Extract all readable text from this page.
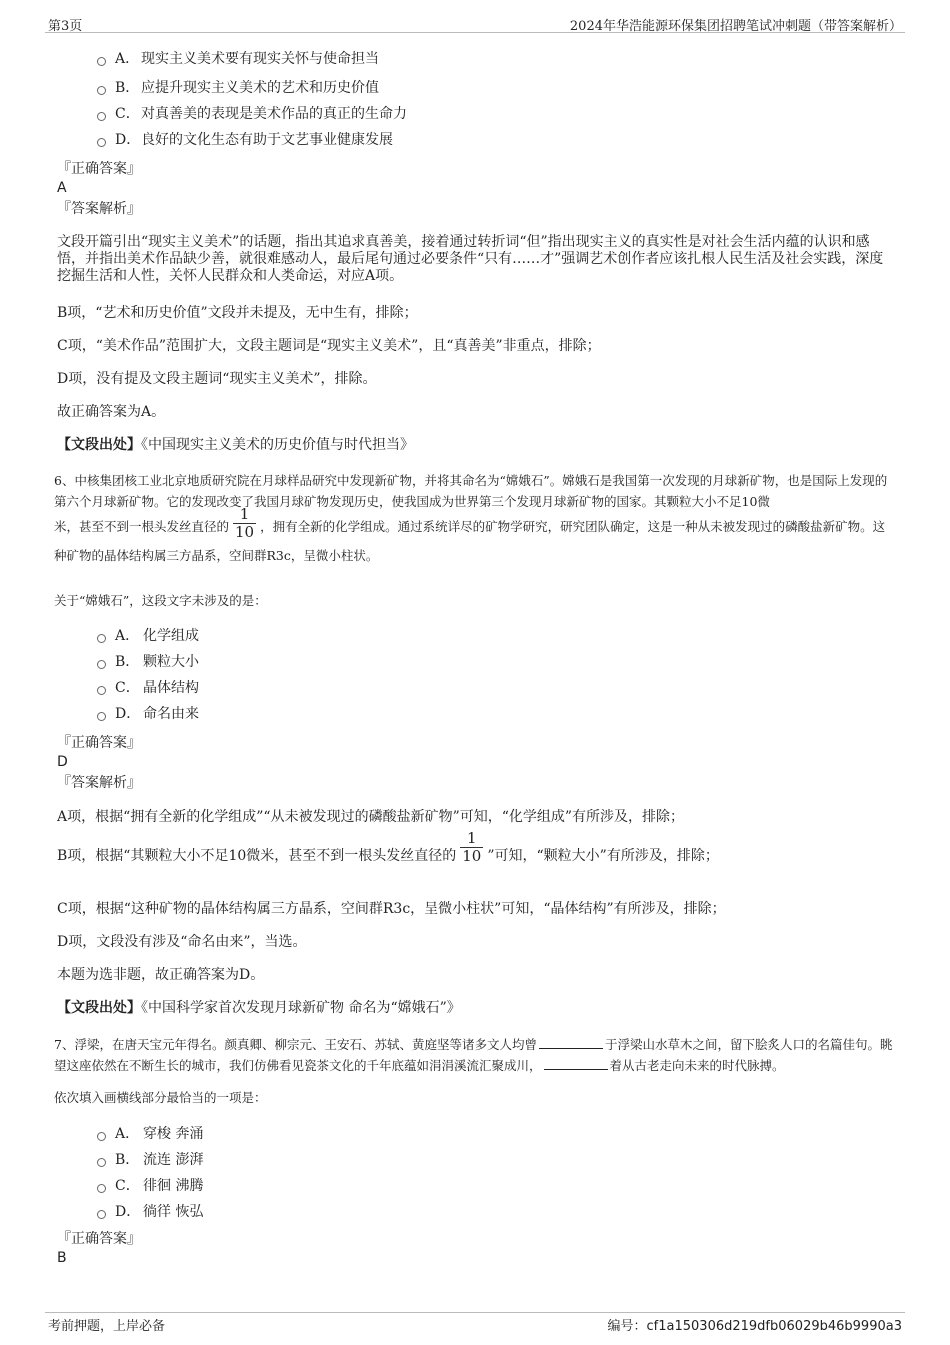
第3页	2024年华浩能源环保集团招聘笔试冲刺题（带答案解析）
A． 现实主义美术要有现实关怀与使命担当
B． 应提升现实主义美术的艺术和历史价值
C． 对真善美的表现是美术作品的真正的生命力
D． 良好的文化生态有助于文艺事业健康发展
『正确答案』
A
『答案解析』

文段开篇引出“现实主义美术”的话题，指出其追求真善美，接着通过转折词“但”指出现实主义的真实性是对社会生活内蕴的认识和感悟，并指出美术作品缺少善，就很难感动人，最后尾句通过必要条件“只有……才”强调艺术创作者应该扎根人民生活及社会实践，深度挖掘生活和人性，关怀人民群众和人类命运，对应A项。

B项，“艺术和历史价值”文段并未提及，无中生有，排除；

C项，“美术作品”范围扩大，文段主题词是“现实主义美术”，且“真善美”非重点，排除；

D项，没有提及文段主题词“现实主义美术”，排除。

故正确答案为A。

【文段出处】《中国现实主义美术的历史价值与时代担当》

6、中核集团核工业北京地质研究院在月球样品研究中发现新矿物，并将其命名为“嫦娥石”。嫦娥石是我国第一次发现的月球新矿物，也是国际上发现的第六个月球新矿物。它的发现改变了我国月球矿物发现历史，使我国成为世界第三个发现月球新矿物的国家。其颗粒大小不足10微

米，甚至不到一根头发丝直径的 $\frac{1}{10}$ ，拥有全新的化学组成。通过系统详尽的矿物学研究，研究团队确定，这是一种从未被发现过的磷酸盐新矿物。这种矿物的晶体结构属三方晶系，空间群R3c，呈微小柱状。

关于“嫦娥石”，这段文字未涉及的是：

A． 化学组成
B． 颗粒大小
C． 晶体结构
D． 命名由来
『正确答案』
D
『答案解析』

A项，根据“拥有全新的化学组成”“从未被发现过的磷酸盐新矿物”可知，“化学组成”有所涉及，排除；

B项，根据“其颗粒大小不足10微米，甚至不到一根头发丝直径的 $\frac{1}{10}$ ”可知，“颗粒大小”有所涉及，排除；

C项，根据“这种矿物的晶体结构属三方晶系，空间群R3c，呈微小柱状”可知，“晶体结构”有所涉及，排除；

D项，文段没有涉及“命名由来”，当选。

本题为选非题，故正确答案为D。

【文段出处】《中国科学家首次发现月球新矿物 命名为“嫦娥石”》

7、浮梁，在唐天宝元年得名。颜真卿、柳宗元、王安石、苏轼、黄庭坚等诸多文人均曾	于浮梁山水草木之间，留下脍炙人口的名篇佳句。眺望这座依然在不断生长的城市，我们仿佛看见瓷茶文化的千年底蕴如涓涓溪流汇聚成川，	着从古老走向未来的时代脉搏。

依次填入画横线部分最恰当的一项是：

A． 穿梭 奔涌
B． 流连 澎湃
C． 徘徊 沸腾
D． 徜徉 恢弘
『正确答案』
B
考前押题，上岸必备	编号：cf1a150306d219dfb06029b46b9990a3
